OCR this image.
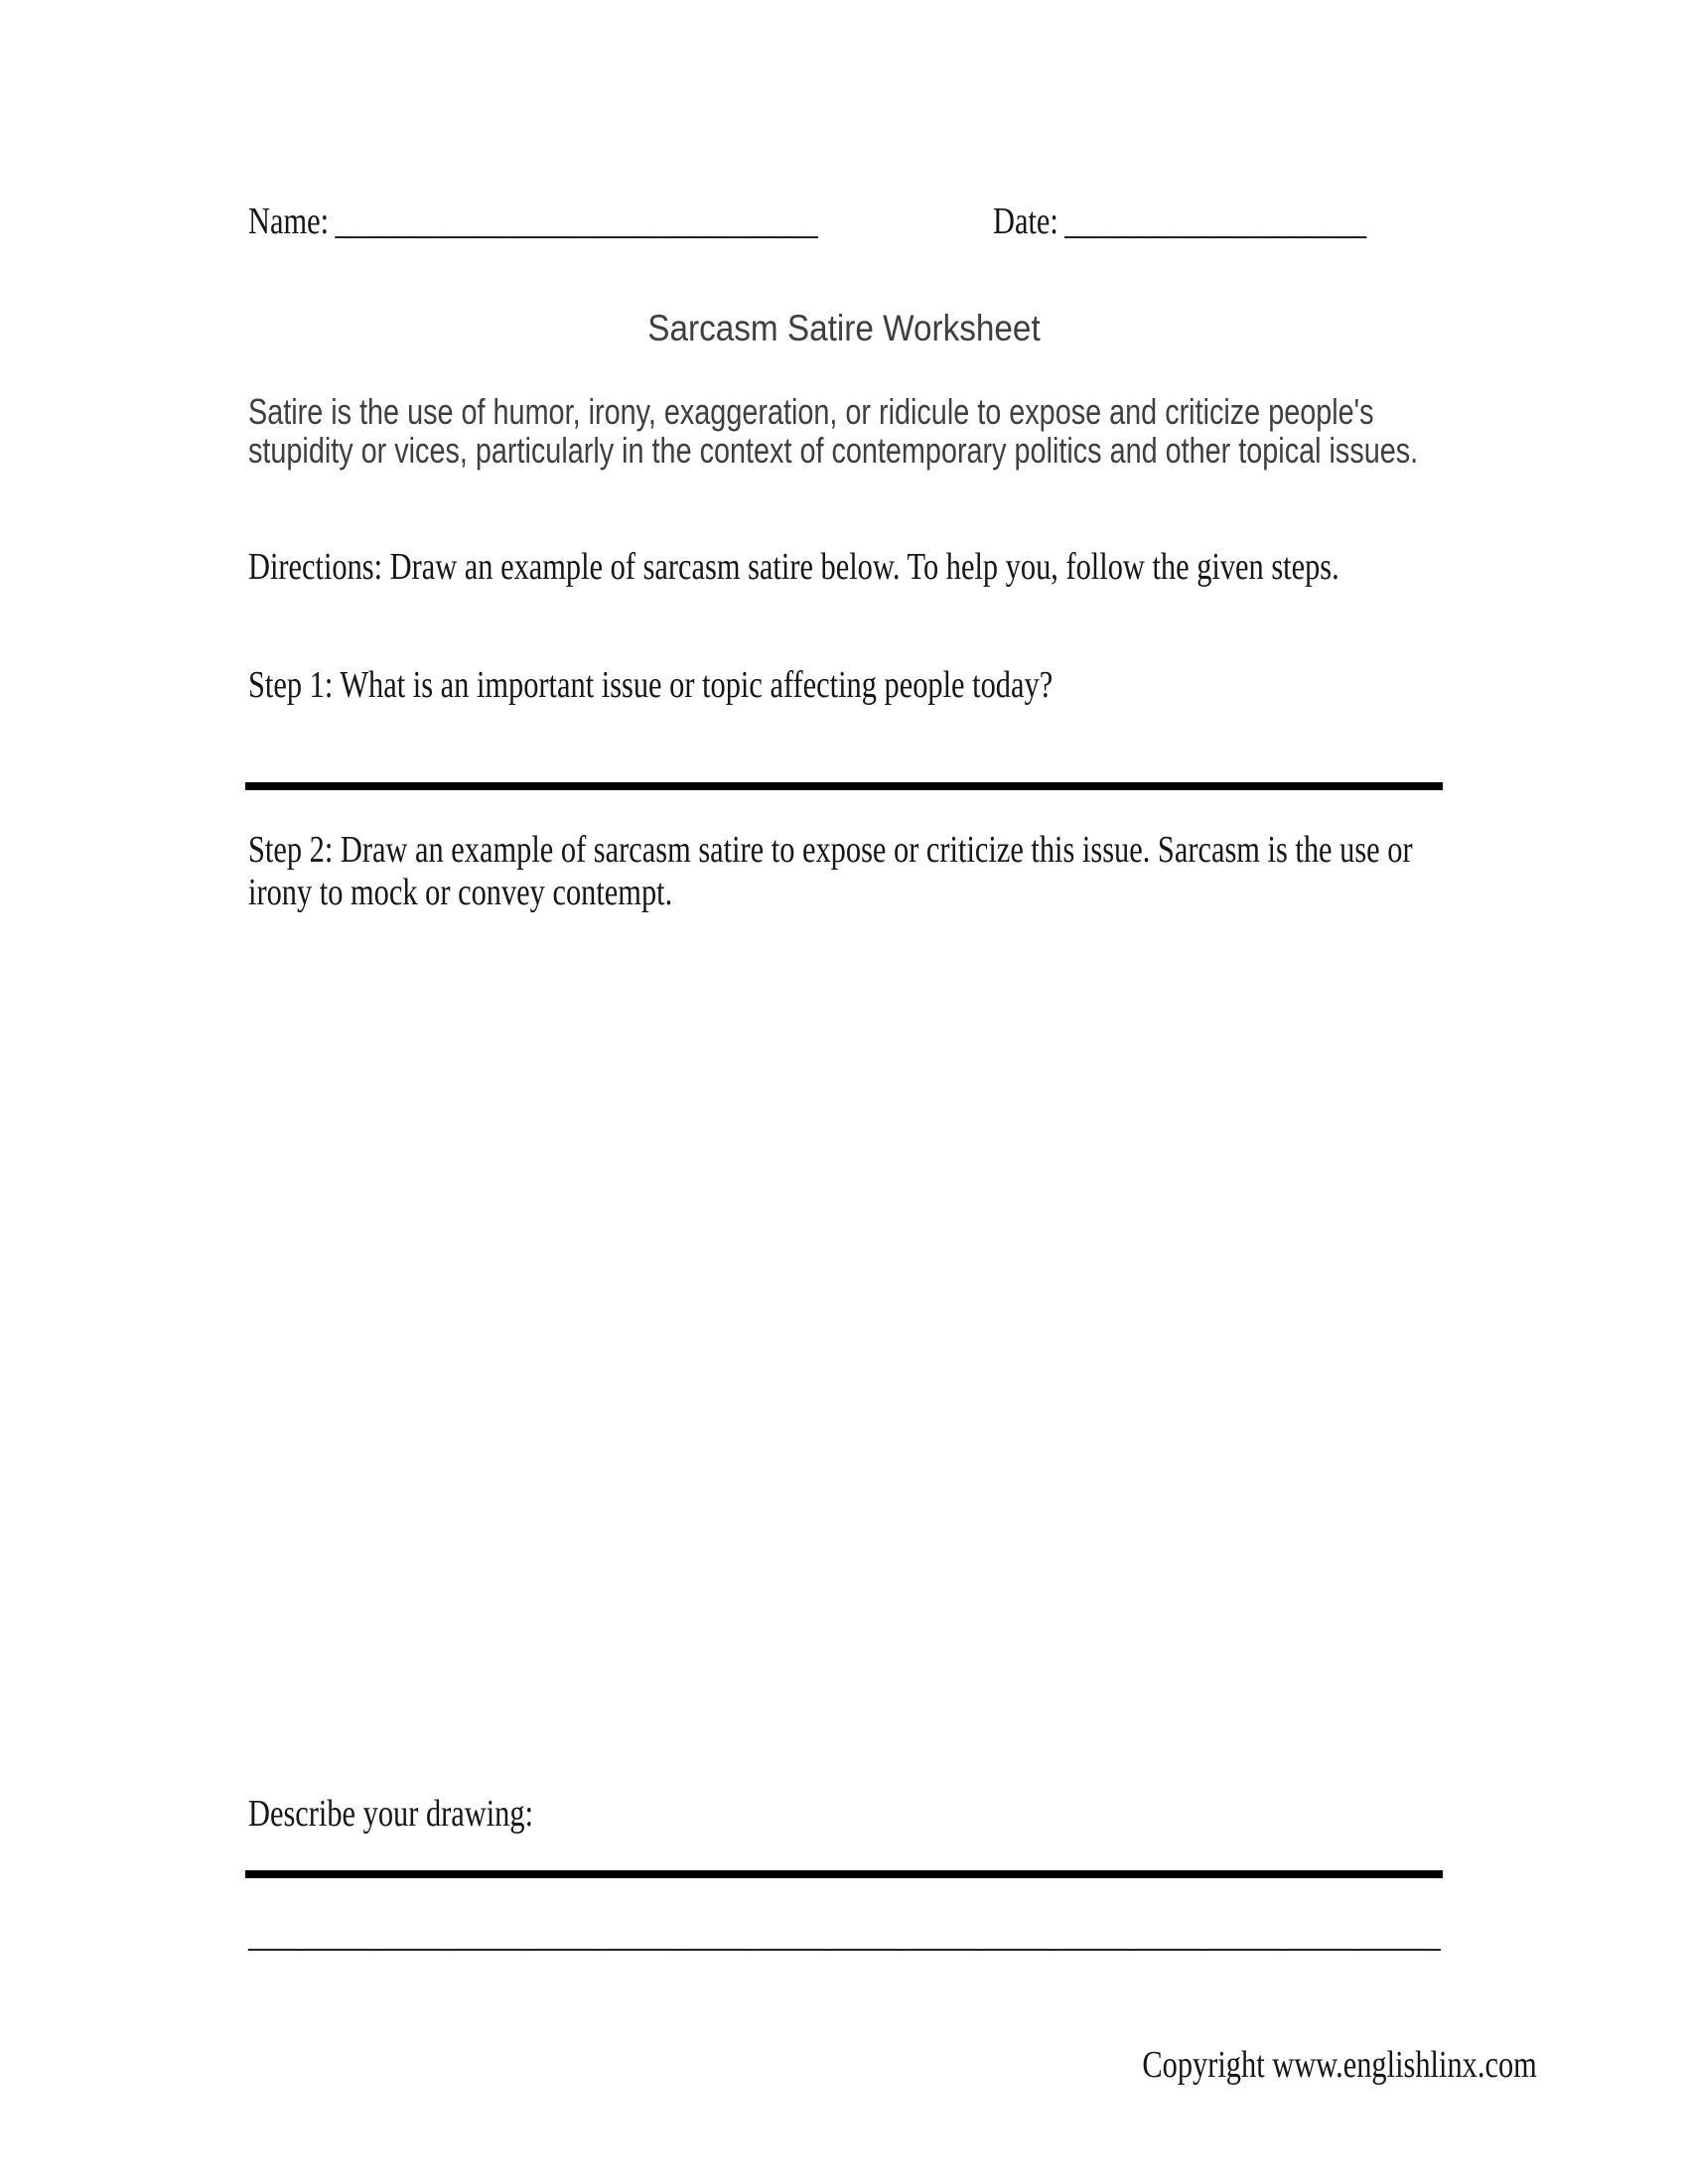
Name: ________________________________	Date: ____________________
Sarcasm Satire Worksheet
Satire is the use of humor, irony, exaggeration, or ridicule to expose and criticize people's stupidity or vices, particularly in the context of contemporary politics and other topical issues.
Directions: Draw an example of sarcasm satire below. To help you, follow the given steps.
Step 1: What is an important issue or topic affecting people today?
Step 2: Draw an example of sarcasm satire to expose or criticize this issue. Sarcasm is the use or irony to mock or convey contempt.
Describe your drawing:
_______________________________________________________________________________
Copyright www.englishlinx.com
